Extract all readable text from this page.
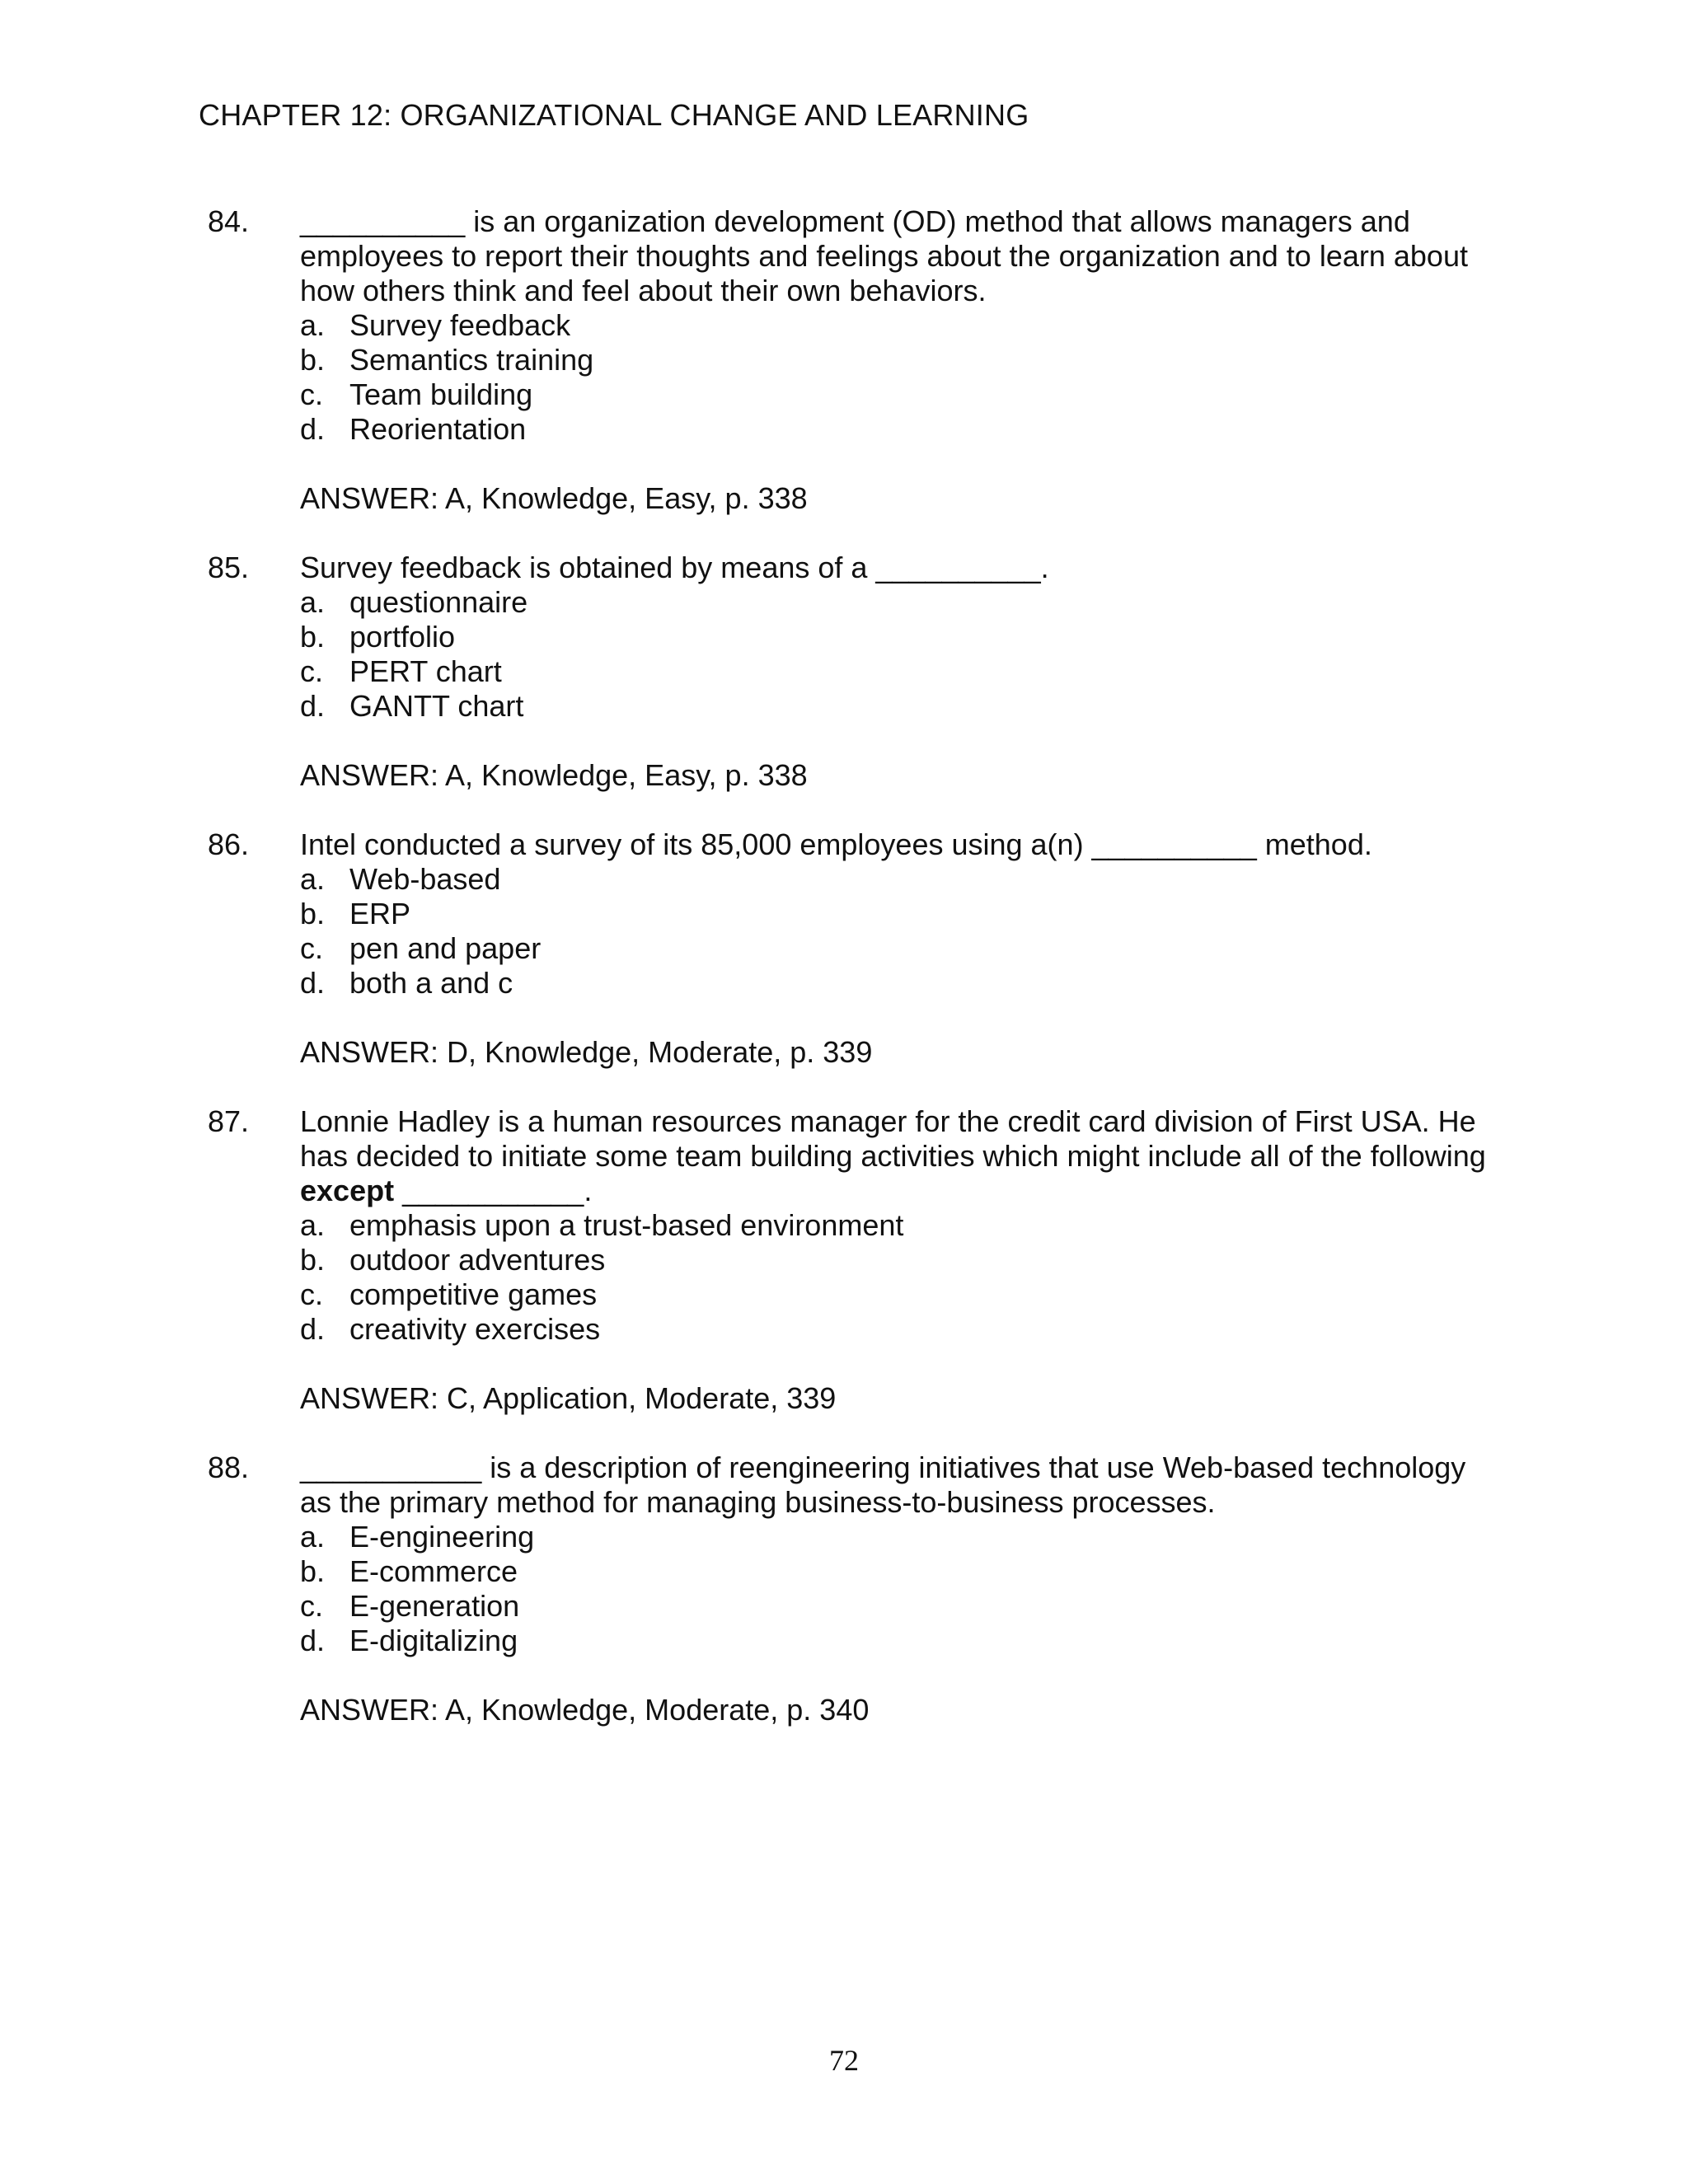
CHAPTER 12: ORGANIZATIONAL CHANGE AND LEARNING
84. __________ is an organization development (OD) method that allows managers and employees to report their thoughts and feelings about the organization and to learn about how others think and feel about their own behaviors.

a. Survey feedback
b. Semantics training
c. Team building
d. Reorientation
ANSWER: A, Knowledge, Easy, p. 338
85. Survey feedback is obtained by means of a __________.

a. questionnaire
b. portfolio
c. PERT chart
d. GANTT chart
ANSWER: A, Knowledge, Easy, p. 338
86. Intel conducted a survey of its 85,000 employees using a(n) __________ method.

a. Web-based
b. ERP
c. pen and paper
d. both a and c
ANSWER: D, Knowledge, Moderate, p. 339
87. Lonnie Hadley is a human resources manager for the credit card division of First USA. He has decided to initiate some team building activities which might include all of the following except ___________.

a. emphasis upon a trust-based environment
b. outdoor adventures
c. competitive games
d. creativity exercises
ANSWER: C, Application, Moderate, 339
88. ___________ is a description of reengineering initiatives that use Web-based technology as the primary method for managing business-to-business processes.

a. E-engineering
b. E-commerce
c. E-generation
d. E-digitalizing
ANSWER: A, Knowledge, Moderate, p. 340
72
